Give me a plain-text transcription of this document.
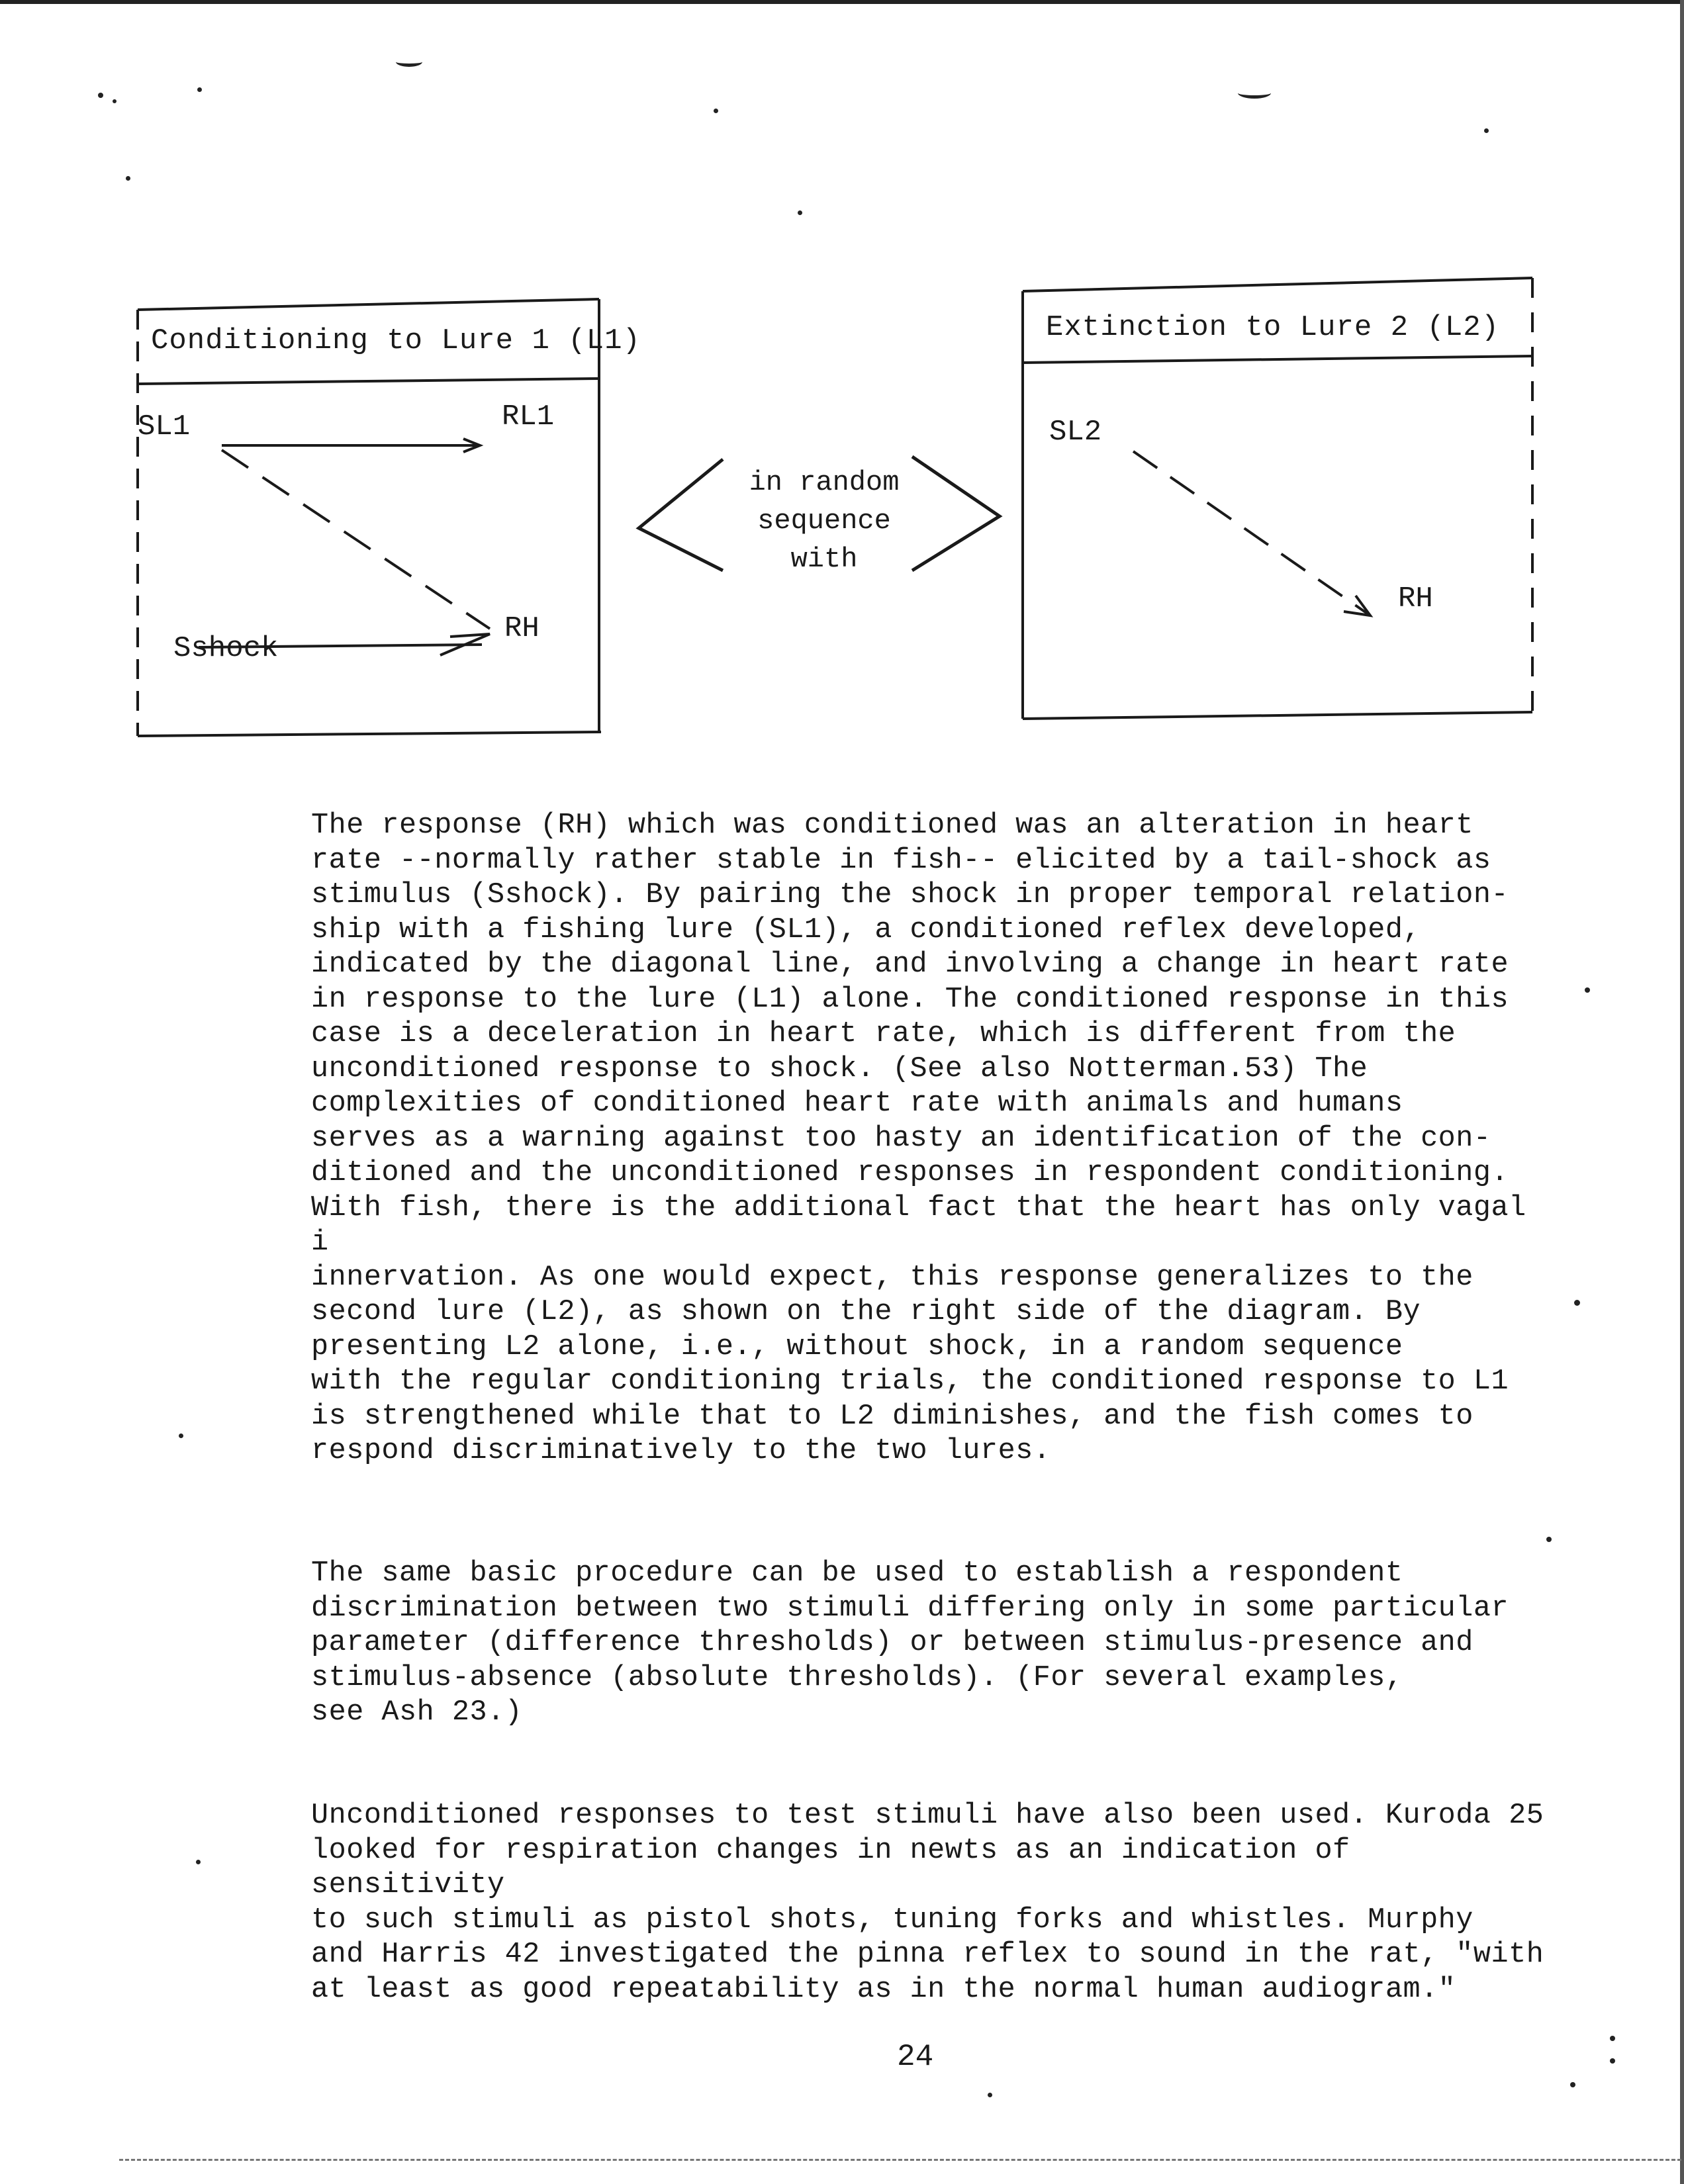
Conditioning to Lure 1 (L1)
SL1	RL1
Sshock
RH
in random
sequence
with
Extinction to Lure 2 (L2)
SL2
RH

The response (RH) which was conditioned was an alteration in heart
rate --normally rather stable in fish-- elicited by a tail-shock as
stimulus (Sshock). By pairing the shock in proper temporal relation-
ship with a fishing lure (SL1), a conditioned reflex developed,
indicated by the diagonal line, and involving a change in heart rate
in response to the lure (L1) alone. The conditioned response in this
case is a deceleration in heart rate, which is different from the
unconditioned response to shock. (See also Notterman.53) The
complexities of conditioned heart rate with animals and humans
serves as a warning against too hasty an identification of the con-
ditioned and the unconditioned responses in respondent conditioning.
With fish, there is the additional fact that the heart has only vagal i
innervation. As one would expect, this response generalizes to the
second lure (L2), as shown on the right side of the diagram. By
presenting L2 alone, i.e., without shock, in a random sequence
with the regular conditioning trials, the conditioned response to L1
is strengthened while that to L2 diminishes, and the fish comes to
respond discriminatively to the two lures.

The same basic procedure can be used to establish a respondent
discrimination between two stimuli differing only in some particular
parameter (difference thresholds) or between stimulus-presence and
stimulus-absence (absolute thresholds). (For several examples,
see Ash 23.)

Unconditioned responses to test stimuli have also been used. Kuroda 25
looked for respiration changes in newts as an indication of sensitivity
to such stimuli as pistol shots, tuning forks and whistles. Murphy
and Harris 42 investigated the pinna reflex to sound in the rat, "with
at least as good repeatability as in the normal human audiogram."

24
